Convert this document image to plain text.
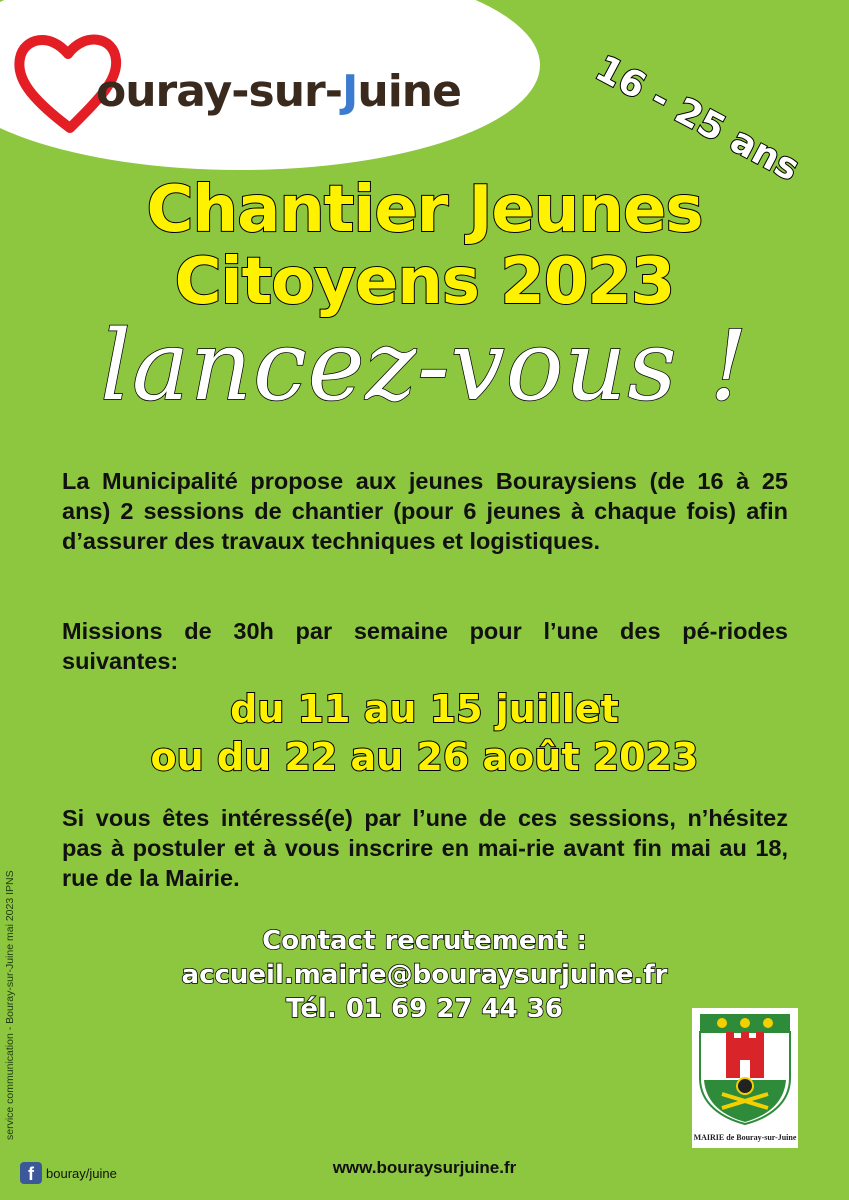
ouray-sur-Juine	16 - 25 ans
Chantier Jeunes
Citoyens 2023
lancez-vous !
La Municipalité propose aux jeunes Bouraysiens (de 16 à 25 ans) 2 sessions de chantier (pour 6 jeunes à chaque fois) afin d’assurer des travaux techniques et logistiques.
Missions de 30h par semaine pour l’une des pé-riodes suivantes:
du 11 au 15 juillet
ou du 22 au 26 août 2023
Si vous êtes intéressé(e) par l’une de ces sessions, n’hésitez pas à postuler et à vous inscrire en mai-rie avant fin mai au 18, rue de la Mairie.
Contact recrutement :
accueil.mairie@bouraysurjuine.fr
Tél. 01 69 27 44 36
MAIRIE de Bouray-sur-Juine
service communication - Bouray-sur-Juine mai 2023 IPNS
f bouray/juine	www.bouraysurjuine.fr
